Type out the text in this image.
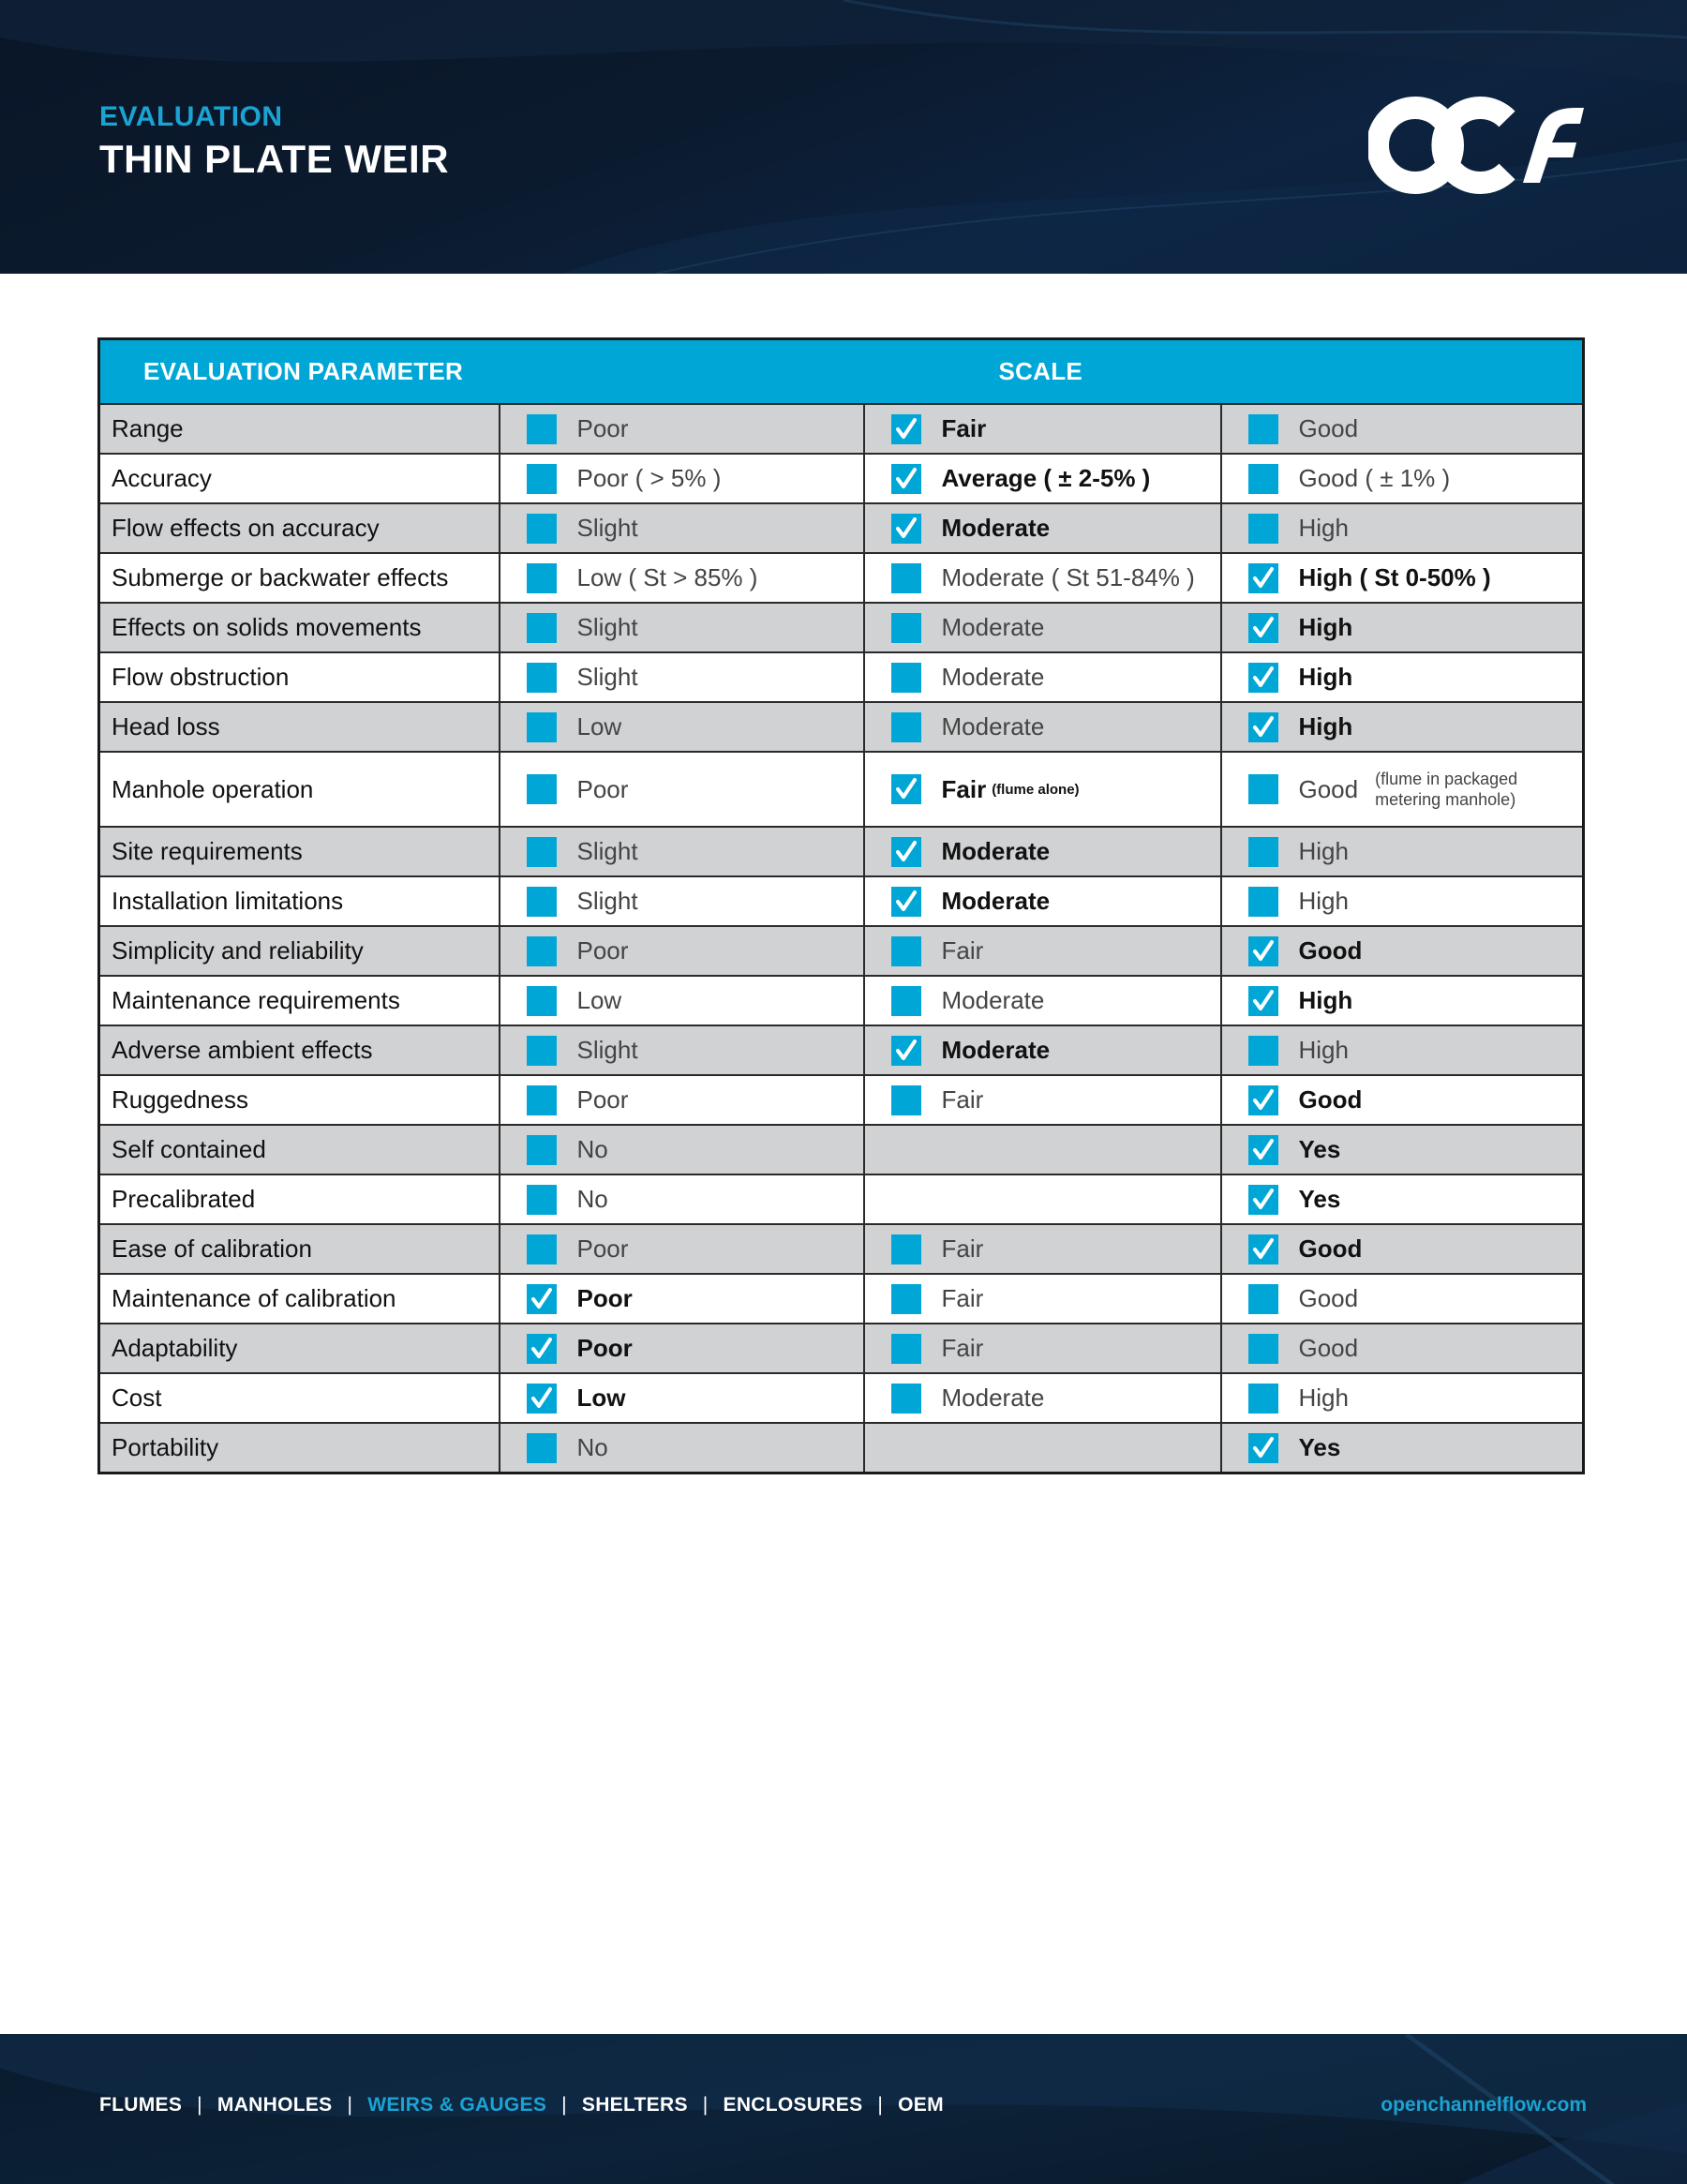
EVALUATION
THIN PLATE WEIR
EVALUATION PARAMETER	SCALE		
Range	Poor	Fair	Good

Accuracy	Poor ( > 5% )	Average ( ± 2-5% )	Good ( ± 1% )

Flow effects on accuracy	Slight	Moderate	High

Submerge or backwater effects	Low ( St > 85% )	Moderate ( St 51-84% )	High ( St 0-50% )

Effects on solids movements	Slight	Moderate	High

Flow obstruction	Slight	Moderate	High

Head loss	Low	Moderate	High

Manhole operation	Poor	Fair (flume alone)	Good (flume in packaged metering manhole)

Site requirements	Slight	Moderate	High

Installation limitations	Slight	Moderate	High

Simplicity and reliability	Poor	Fair	Good

Maintenance requirements	Low	Moderate	High

Adverse ambient effects	Slight	Moderate	High

Ruggedness	Poor	Fair	Good

Self contained	No		Yes

Precalibrated	No		Yes

Ease of calibration	Poor	Fair	Good

Maintenance of calibration	Poor	Fair	Good

Adaptability	Poor	Fair	Good

Cost	Low	Moderate	High

Portability	No		Yes
FLUMES | MANHOLES | WEIRS & GAUGES | SHELTERS | ENCLOSURES | OEM	openchannelflow.com
